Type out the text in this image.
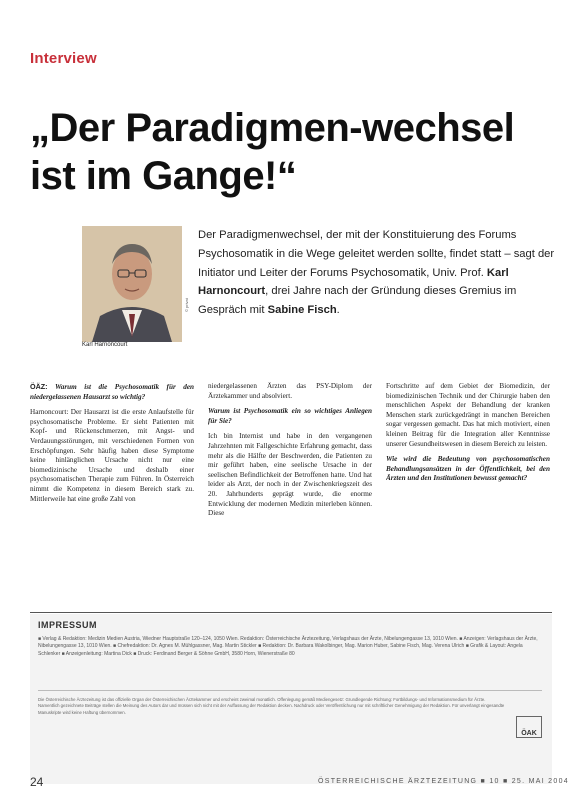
Interview
„Der Paradigmen-wechsel ist im Gange!“
Karl Harnoncourt
© privat
Der Paradigmenwechsel, der mit der Konstituierung des Forums Psychosomatik in die Wege geleitet werden sollte, findet statt – sagt der Initiator und Leiter der Forums Psychosomatik, Univ. Prof. Karl Harnoncourt, drei Jahre nach der Gründung dieses Gremius im Gespräch mit Sabine Fisch.

ÖÄZ: Warum ist die Psychosomatik für den niedergelassenen Hausarzt so wichtig?

Harnoncourt: Der Hausarzt ist die erste Anlaufstelle für psychosomatische Probleme. Er sieht Patienten mit Kopf- und Rückenschmerzen, mit Angst- und Verdauungsstörungen, mit verschiedenen Formen von Erschöpfungen. Sehr häufig haben diese Symptome keine hinlänglichen Ursache nicht nur eine biomedizinische Ursache und deshalb einer psychosomatischen Therapie zum Führen. In Österreich nimmt die Kompetenz in diesem Bereich stark zu. Mittlerweile hat eine große Zahl von

niedergelassenen Ärzten das PSY-Diplom der Ärztekammer und absolviert.

Warum ist Psychosomatik ein so wichtiges Anliegen für Sie?

Ich bin Internist und habe in den vergangenen Jahrzehnten mit Fallgeschichte Erfahrung gemacht, dass mehr als die Hälfte der Beschwerden, die Patienten zu mir geführt haben, eine seelische Ursache in der seelischen Befindlichkeit der Betroffenen hatte. Und hat leider als Arzt, der noch in der Zwischenkriegszeit des 20. Jahrhunderts geprägt wurde, die enorme Entwicklung der modernen Medizin miterleben können. Diese

Fortschritte auf dem Gebiet der Biomedizin, der biomedizinischen Technik und der Chirurgie haben den menschlichen Aspekt der Behandlung der kranken Menschen stark zurückgedrängt in manchen Bereichen sogar vergessen gemacht. Das hat mich motiviert, einen kleinen Beitrag für die Integration aller Kenntnisse unserer Gesundheitswesen in diesem Bereich zu leisten.

Wie wird die Bedeutung von psychosomatischen Behandlungsansätzen in der Öffentlichkeit, bei den Ärzten und den Institutionen bewusst gemacht?

IMPRESSUM
■ Verlag & Redaktion: Medizin Medien Austria, Wiedner Hauptstraße 120–124, 1050 Wien. Redaktion: Österreichische Ärztezeitung, Verlagshaus der Ärzte, Nibelungengasse 13, 1010 Wien. ■ Anzeigen: Verlagshaus der Ärzte, Nibelungengasse 13, 1010 Wien. ■ Chefredaktion: Dr. Agnes M. Mühlgassner, Mag. Martin Stickler ■ Redaktion: Dr. Barbara Wakolbinger, Mag. Marion Huber, Sabine Fisch, Mag. Verena Ulrich ■ Grafik & Layout: Angela Schlenker ■ Anzeigenleitung: Martina Dick ■ Druck: Ferdinand Berger & Söhne GmbH, 3580 Horn, Wienerstraße 80
Die Österreichische Ärztezeitung ist das offizielle Organ der Österreichischen Ärztekammer und erscheint zweimal monatlich. Offenlegung gemäß Mediengesetz: Grundlegende Richtung: Fortbildungs- und Informationsmedium für Ärzte. Namentlich gezeichnete Beiträge stellen die Meinung des Autors dar und müssen sich nicht mit der Auffassung der Redaktion decken. Nachdruck oder Veröffentlichung nur mit schriftlicher Genehmigung der Redaktion. Für unverlangt eingesandte Manuskripte wird keine Haftung übernommen.
ÖAK
24	ÖSTERREICHISCHE ÄRZTEZEITUNG ■ 10 ■ 25. MAI 2004
